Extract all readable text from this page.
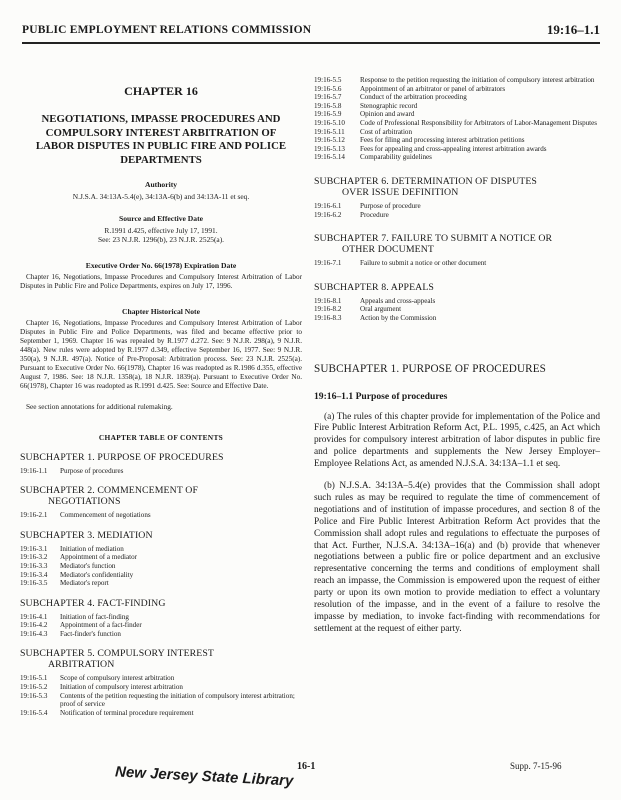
PUBLIC EMPLOYMENT RELATIONS COMMISSION	19:16–1.1
CHAPTER 16
NEGOTIATIONS, IMPASSE PROCEDURES AND COMPULSORY INTEREST ARBITRATION OF LABOR DISPUTES IN PUBLIC FIRE AND POLICE DEPARTMENTS
Authority
N.J.S.A. 34:13A-5.4(e), 34:13A-6(b) and 34:13A-11 et seq.
Source and Effective Date
R.1991 d.425, effective July 17, 1991.
See: 23 N.J.R. 1296(b), 23 N.J.R. 2525(a).
Executive Order No. 66(1978) Expiration Date
Chapter 16, Negotiations, Impasse Procedures and Compulsory Interest Arbitration of Labor Disputes in Public Fire and Police Departments, expires on July 17, 1996.
Chapter Historical Note
Chapter 16, Negotiations, Impasse Procedures and Compulsory Interest Arbitration of Labor Disputes in Public Fire and Police Departments, was filed and became effective prior to September 1, 1969. Chapter 16 was repealed by R.1977 d.272. See: 9 N.J.R. 298(a), 9 N.J.R. 448(a). New rules were adopted by R.1977 d.349, effective September 16, 1977. See: 9 N.J.R. 350(a), 9 N.J.R. 497(a). Notice of Pre-Proposal: Arbitration process. See: 23 N.J.R. 2525(a). Pursuant to Executive Order No. 66(1978), Chapter 16 was readopted as R.1986 d.355, effective August 7, 1986. See: 18 N.J.R. 1358(a), 18 N.J.R. 1839(a). Pursuant to Executive Order No. 66(1978), Chapter 16 was readopted as R.1991 d.425. See: Source and Effective Date.
See section annotations for additional rulemaking.
CHAPTER TABLE OF CONTENTS
SUBCHAPTER 1. PURPOSE OF PROCEDURES
19:16-1.1	Purpose of procedures
SUBCHAPTER 2. COMMENCEMENT OF
NEGOTIATIONS
19:16-2.1	Commencement of negotiations
SUBCHAPTER 3. MEDIATION
19:16-3.1	Initiation of mediation
19:16-3.2	Appointment of a mediator
19:16-3.3	Mediator's function
19:16-3.4	Mediator's confidentiality
19:16-3.5	Mediator's report
SUBCHAPTER 4. FACT-FINDING
19:16-4.1	Initiation of fact-finding
19:16-4.2	Appointment of a fact-finder
19:16-4.3	Fact-finder's function
SUBCHAPTER 5. COMPULSORY INTEREST
ARBITRATION
19:16-5.1	Scope of compulsory interest arbitration
19:16-5.2	Initiation of compulsory interest arbitration
19:16-5.3	Contents of the petition requesting the initiation of compulsory interest arbitration; proof of service
19:16-5.4	Notification of terminal procedure requirement
19:16-5.5	Response to the petition requesting the initiation of compulsory interest arbitration
19:16-5.6	Appointment of an arbitrator or panel of arbitrators
19:16-5.7	Conduct of the arbitration proceeding
19:16-5.8	Stenographic record
19:16-5.9	Opinion and award
19:16-5.10	Code of Professional Responsibility for Arbitrators of Labor-Management Disputes
19:16-5.11	Cost of arbitration
19:16-5.12	Fees for filing and processing interest arbitration petitions
19:16-5.13	Fees for appealing and cross-appealing interest arbitration awards
19:16-5.14	Comparability guidelines
SUBCHAPTER 6. DETERMINATION OF DISPUTES
OVER ISSUE DEFINITION
19:16-6.1	Purpose of procedure
19:16-6.2	Procedure
SUBCHAPTER 7. FAILURE TO SUBMIT A NOTICE OR
OTHER DOCUMENT
19:16-7.1	Failure to submit a notice or other document
SUBCHAPTER 8. APPEALS
19:16-8.1	Appeals and cross-appeals
19:16-8.2	Oral argument
19:16-8.3	Action by the Commission
SUBCHAPTER 1. PURPOSE OF PROCEDURES
19:16–1.1 Purpose of procedures
(a) The rules of this chapter provide for implementation of the Police and Fire Public Interest Arbitration Reform Act, P.L. 1995, c.425, an Act which provides for compulsory interest arbitration of labor disputes in public fire and police departments and supplements the New Jersey Employer–Employee Relations Act, as amended N.J.S.A. 34:13A–1.1 et seq.
(b) N.J.S.A. 34:13A–5.4(e) provides that the Commission shall adopt such rules as may be required to regulate the time of commencement of negotiations and of institution of impasse procedures, and section 8 of the Police and Fire Public Interest Arbitration Reform Act provides that the Commission shall adopt rules and regulations to effectuate the purposes of that Act. Further, N.J.S.A. 34:13A–16(a) and (b) provide that whenever negotiations between a public fire or police department and an exclusive representative concerning the terms and conditions of employment shall reach an impasse, the Commission is empowered upon the request of either party or upon its own motion to provide mediation to effect a voluntary resolution of the impasse, and in the event of a failure to resolve the impasse by mediation, to invoke fact-finding with recommendations for settlement at the request of either party.
New Jersey State Library 16-1	Supp. 7-15-96
